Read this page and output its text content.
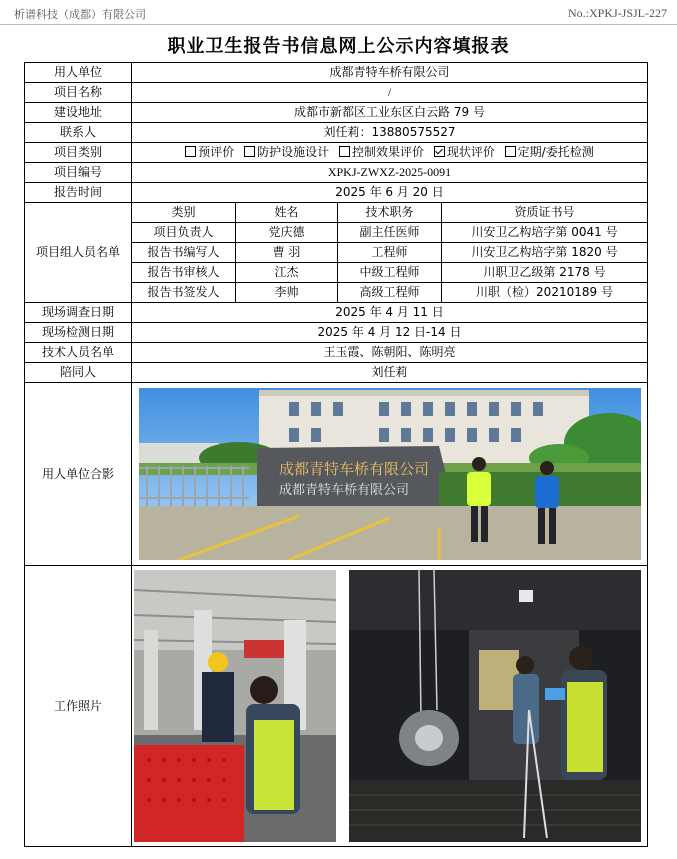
析谱科技（成都）有限公司	No.:XPKJ-JSJL-227
职业卫生报告书信息网上公示内容填报表
用人单位	成都青特车桥有限公司			
项目名称	/			
建设地址	成都市新都区工业东区白云路 79 号			
联系人	刘任莉：13880575527			
项目类别	预评价 防护设施设计 控制效果评价 现状评价 定期/委托检测			
项目编号	XPKJ-ZWXZ-2025-0091			
报告时间	2025 年 6 月 20 日			
项目组人员名单	类别	姓名	技术职务	资质证书号
	项目负责人	党庆德	副主任医师	川安卫乙构培字第 0041 号
	报告书编写人	曹 羽	工程师	川安卫乙构培字第 1820 号
	报告书审核人	江杰	中级工程师	川职卫乙级第 2178 号
	报告书签发人	李帅	高级工程师	川职（检）20210189 号
现场调查日期	2025 年 4 月 11 日			
现场检测日期	2025 年 4 月 12 日-14 日			
技术人员名单	王玉霞、陈朝阳、陈明亮			
陪同人	刘任莉			
用人单位合影	成都青特车桥有限公司
成都青特车桥有限公司			

工作照片	
